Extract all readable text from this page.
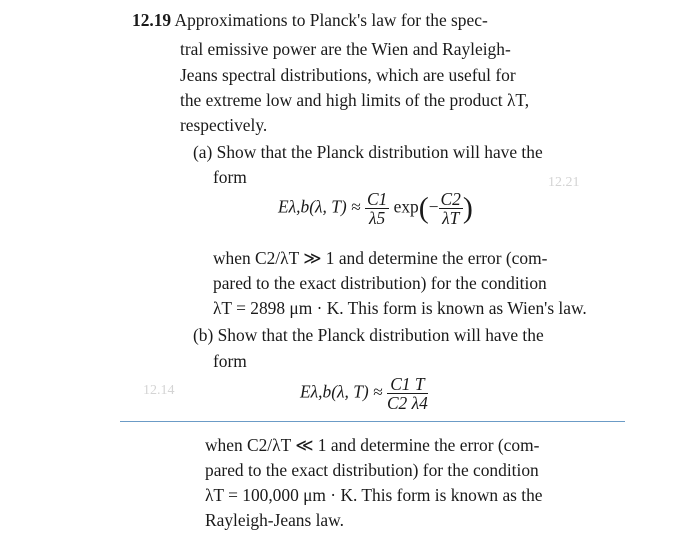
12.14
12.21
12.19 Approximations to Planck's law for the spec-
tral emissive power are the Wien and Rayleigh-
Jeans spectral distributions, which are useful for
the extreme low and high limits of the product λT,
respectively.
(a) Show that the Planck distribution will have the
form
Eλ,b(λ, $T) \approx \frac{C1}{\lambda 5} \exp(- \frac{C2}{\lambda T}$ )
when C2/λT ≫ 1 and determine the error (com-
pared to the exact distribution) for the condition
λT = 2898 μm · K. This form is known as Wien's law.
(b) Show that the Planck distribution will have the
form
Eλ,b(λ, $T) \approx \frac{C1 T}{C2 \lambda 4}$
when C2/λT ≪ 1 and determine the error (com-
pared to the exact distribution) for the condition
λT = 100,000 μm · K. This form is known as the
Rayleigh-Jeans law.
